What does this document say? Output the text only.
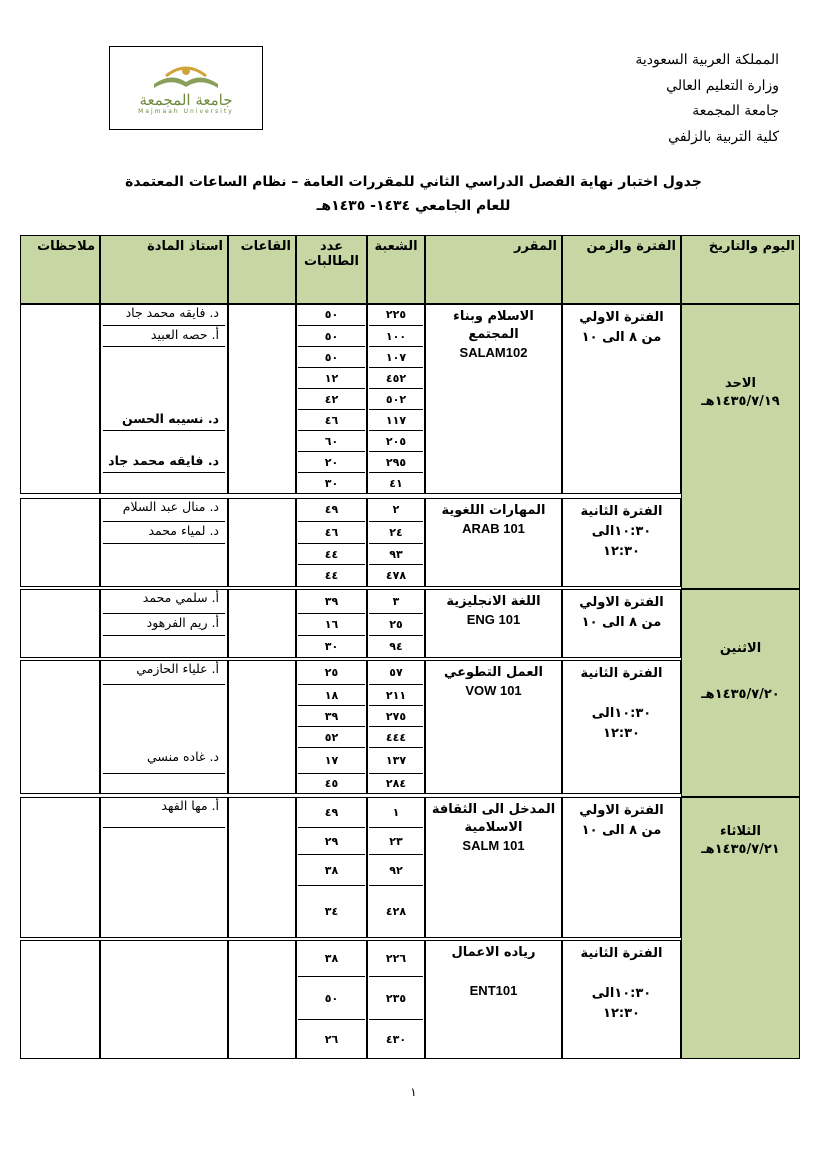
المملكة العربية السعودية
وزارة التعليم العالي
جامعة المجمعة
كلية التربية بالزلفي
جامعة المجمعة
Majmaah University
جدول اختبار نهاية الفصل الدراسي الثاني للمقررات العامة – نظام الساعات المعتمدة
للعام الجامعي ١٤٣٤- ١٤٣٥هـ
اليوم والتاريخ
الفترة والزمن
المقرر
الشعبة
عدد الطالبات
القاعات
استاذ المادة
ملاحظات
الاحد
١٤٣٥/٧/١٩هـ
الاثنين
١٤٣٥/٧/٢٠هـ
الثلاثاء
١٤٣٥/٧/٢١هـ
الفترة الاولي
من ٨ الى ١٠
الاسلام وبناء
المجتمع
SALAM102
٢٢٥
٥٠
د. فايقه محمد جاد
١٠٠
٥٠
أ. حصه العبيد
١٠٧
٥٠
٤٥٢
١٢
٥٠٢
٤٢
١١٧
٤٦
د. نسيبه الحسن
٢٠٥
٦٠
٢٩٥
٢٠
د. فايقه محمد جاد
٤١
٣٠
الفترة الثانية
١٠:٣٠الى
١٢:٣٠
المهارات اللغوية
ARAB 101
٢
٤٩
د. منال عبد السلام
٢٤
٤٦
د. لمياء محمد
٩٣
٤٤
٤٧٨
٤٤
الفترة الاولي
من ٨ الى ١٠
اللغة الانجليزية
ENG 101
٣
٣٩
أ. سلمي محمد
٢٥
١٦
أ. ريم الفرهود
٩٤
٣٠
الفترة الثانية
١٠:٣٠الى
١٢:٣٠
العمل التطوعي
VOW 101
٥٧
٢٥
أ. علياء الحازمي
٢١١
١٨
٢٧٥
٣٩
٤٤٤
٥٢
١٣٧
١٧
د. غاده منسي
٢٨٤
٤٥
الفترة الاولي
من ٨ الى ١٠
المدخل الى الثقافة
الاسلامية
SALM 101
١
٤٩
أ. مها الفهد
٢٣
٢٩
٩٢
٣٨
٤٢٨
٣٤
الفترة الثانية
١٠:٣٠الى
١٢:٣٠
رياده الاعمال
ENT101
٢٢٦
٣٨
٢٣٥
٥٠
٤٣٠
٢٦
١
